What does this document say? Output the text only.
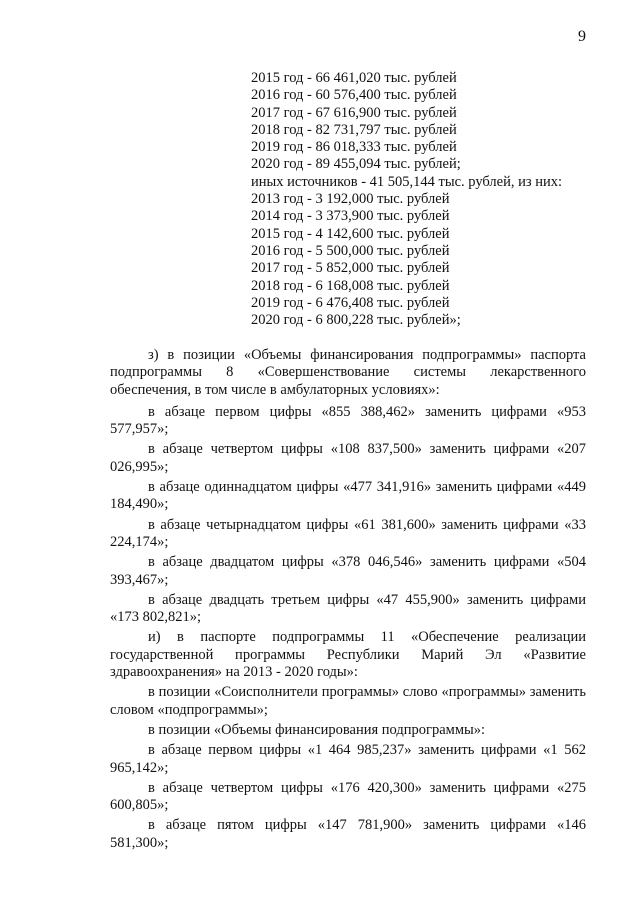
9
2015 год - 66 461,020 тыс. рублей
2016 год - 60 576,400 тыс. рублей
2017 год - 67 616,900 тыс. рублей
2018 год - 82 731,797 тыс. рублей
2019 год - 86 018,333 тыс. рублей
2020 год - 89 455,094 тыс. рублей;
иных источников - 41 505,144 тыс. рублей, из них:
2013 год - 3 192,000 тыс. рублей
2014 год - 3 373,900 тыс. рублей
2015 год - 4 142,600 тыс. рублей
2016 год - 5 500,000 тыс. рублей
2017 год - 5 852,000 тыс. рублей
2018 год - 6 168,008 тыс. рублей
2019 год - 6 476,408 тыс. рублей
2020 год - 6 800,228 тыс. рублей»;

з) в позиции «Объемы финансирования подпрограммы» паспорта подпрограммы 8 «Совершенствование системы лекарственного обеспечения, в том числе в амбулаторных условиях»:

в абзаце первом цифры «855 388,462» заменить цифрами «953 577,957»;

в абзаце четвертом цифры «108 837,500» заменить цифрами «207 026,995»;

в абзаце одиннадцатом цифры «477 341,916» заменить цифрами «449 184,490»;

в абзаце четырнадцатом цифры «61 381,600» заменить цифрами «33 224,174»;

в абзаце двадцатом цифры «378 046,546» заменить цифрами «504 393,467»;

в абзаце двадцать третьем цифры «47 455,900» заменить цифрами «173 802,821»;

и) в паспорте подпрограммы 11 «Обеспечение реализации государственной программы Республики Марий Эл «Развитие здравоохранения» на 2013 - 2020 годы»:

в позиции «Соисполнители программы» слово «программы» заменить словом «подпрограммы»;

в позиции «Объемы финансирования подпрограммы»:

в абзаце первом цифры «1 464 985,237» заменить цифрами «1 562 965,142»;

в абзаце четвертом цифры «176 420,300» заменить цифрами «275 600,805»;

в абзаце пятом цифры «147 781,900» заменить цифрами «146 581,300»;
